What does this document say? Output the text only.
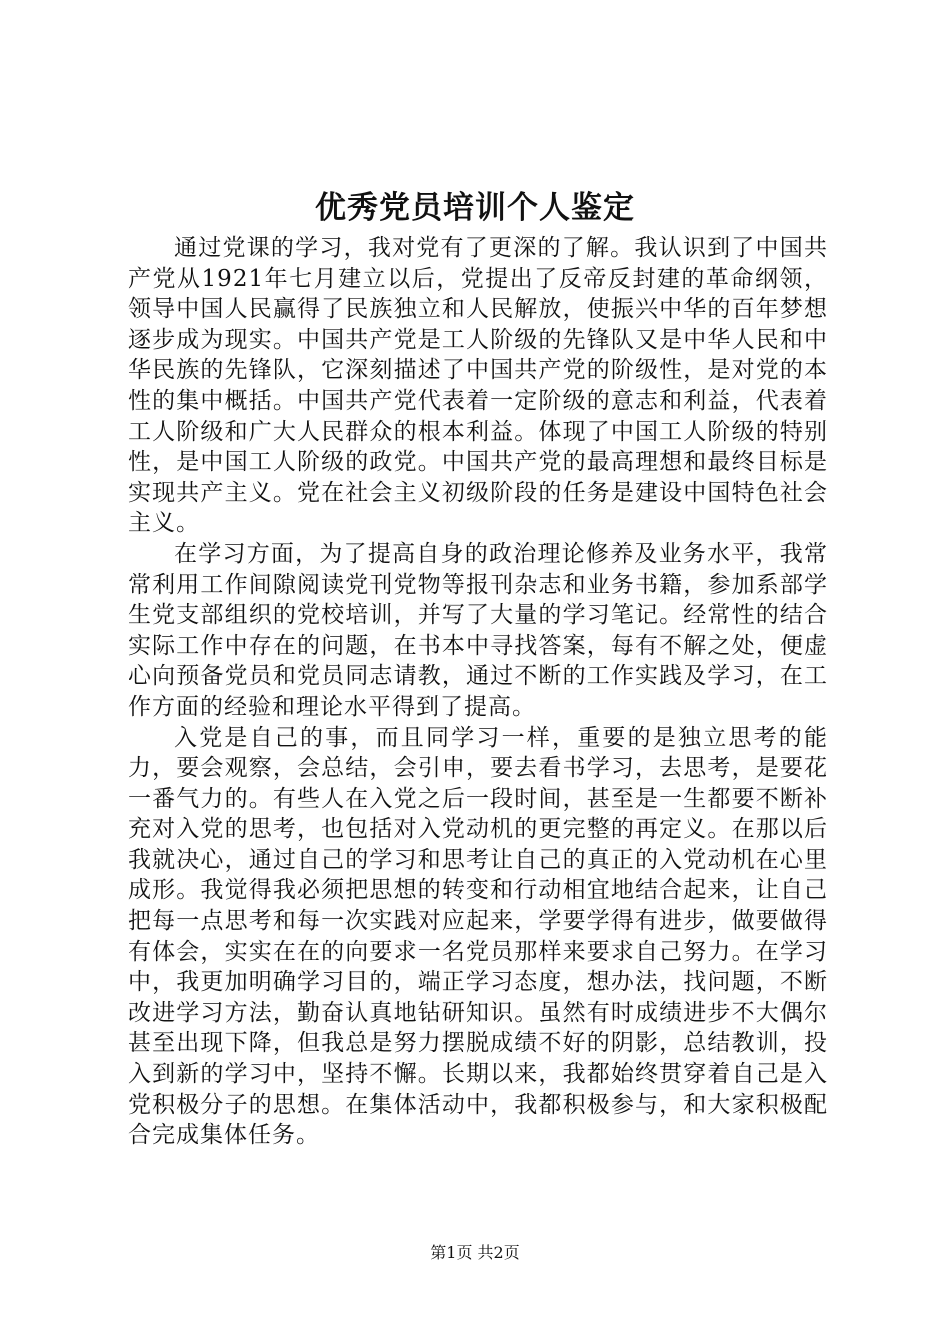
优秀党员培训个人鉴定

通过党课的学习，我对党有了更深的了解。我认识到了中国共产党从1921年七月建立以后，党提出了反帝反封建的革命纲领，领导中国人民赢得了民族独立和人民解放，使振兴中华的百年梦想逐步成为现实。中国共产党是工人阶级的先锋队又是中华人民和中华民族的先锋队，它深刻描述了中国共产党的阶级性，是对党的本性的集中概括。中国共产党代表着一定阶级的意志和利益，代表着工人阶级和广大人民群众的根本利益。体现了中国工人阶级的特别性，是中国工人阶级的政党。中国共产党的最高理想和最终目标是实现共产主义。党在社会主义初级阶段的任务是建设中国特色社会主义。

在学习方面，为了提高自身的政治理论修养及业务水平，我常常利用工作间隙阅读党刊党物等报刊杂志和业务书籍，参加系部学生党支部组织的党校培训，并写了大量的学习笔记。经常性的结合实际工作中存在的问题，在书本中寻找答案，每有不解之处，便虚心向预备党员和党员同志请教，通过不断的工作实践及学习，在工作方面的经验和理论水平得到了提高。

入党是自己的事，而且同学习一样，重要的是独立思考的能力，要会观察，会总结，会引申，要去看书学习，去思考，是要花一番气力的。有些人在入党之后一段时间，甚至是一生都要不断补充对入党的思考，也包括对入党动机的更完整的再定义。在那以后我就决心，通过自己的学习和思考让自己的真正的入党动机在心里成形。我觉得我必须把思想的转变和行动相宜地结合起来，让自己把每一点思考和每一次实践对应起来，学要学得有进步，做要做得有体会，实实在在的向要求一名党员那样来要求自己努力。在学习中，我更加明确学习目的，端正学习态度，想办法，找问题，不断改进学习方法，勤奋认真地钻研知识。虽然有时成绩进步不大偶尔甚至出现下降，但我总是努力摆脱成绩不好的阴影，总结教训，投入到新的学习中，坚持不懈。长期以来，我都始终贯穿着自己是入党积极分子的思想。在集体活动中，我都积极参与，和大家积极配合完成集体任务。

第1页 共2页
